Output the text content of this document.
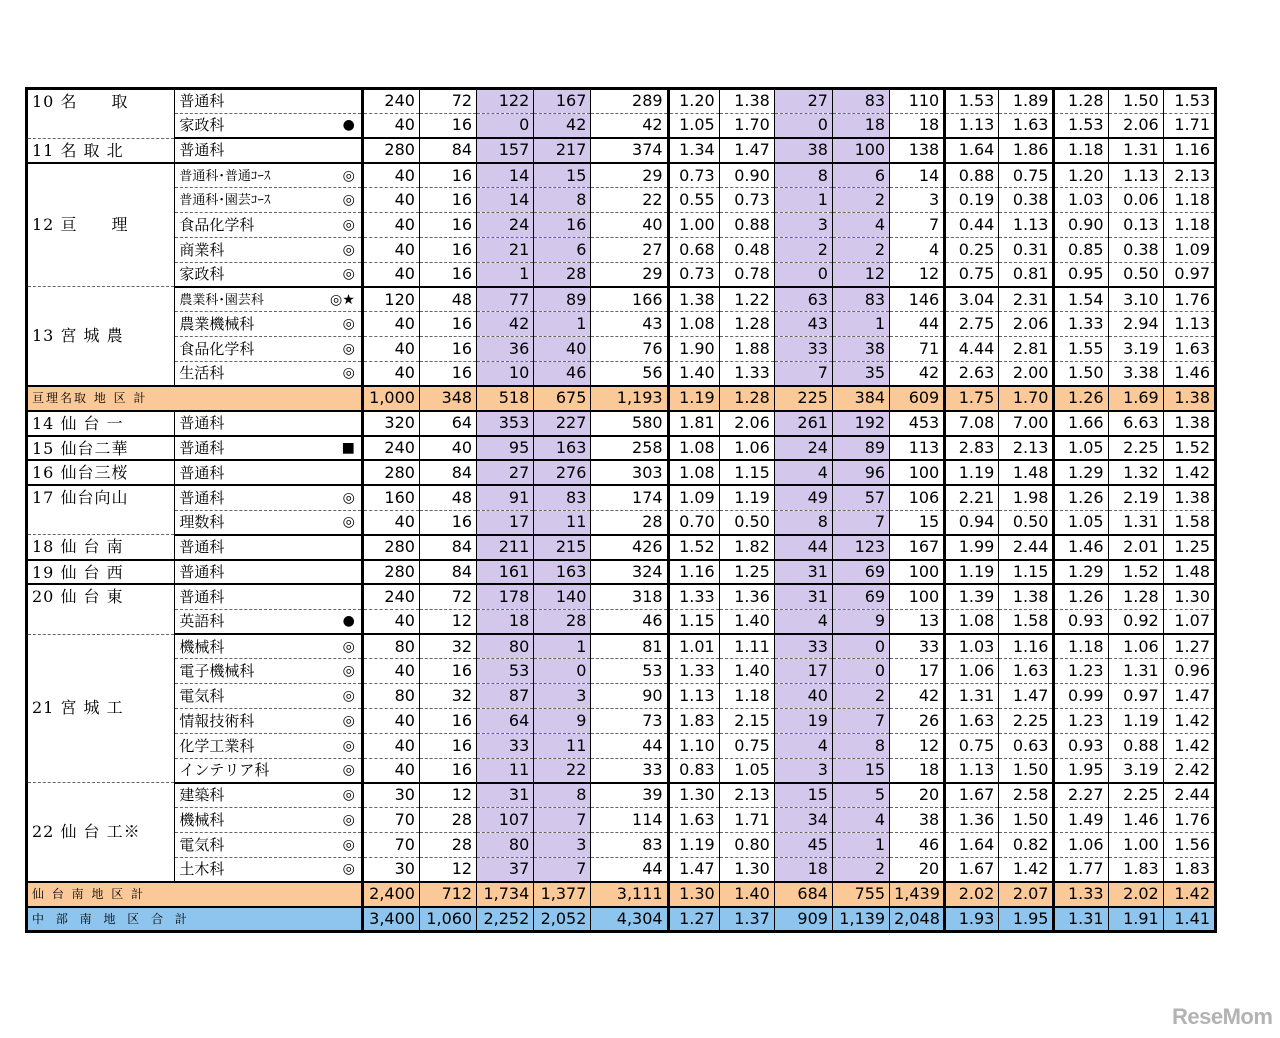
10 名　　取	普通科	240	72	122	167	289	1.20	1.38	27	83	110	1.53	1.89	1.28	1.50	1.53
	家政科 ●	40	16	0	42	42	1.05	1.70	0	18	18	1.13	1.63	1.53	2.06	1.71
11 名 取 北	普通科	280	84	157	217	374	1.34	1.47	38	100	138	1.64	1.86	1.18	1.31	1.16
12 亘　　理	普通科･普通ｺｰｽ ◎	40	16	14	15	29	0.73	0.90	8	6	14	0.88	0.75	1.20	1.13	2.13
	普通科･園芸ｺｰｽ ◎	40	16	14	8	22	0.55	0.73	1	2	3	0.19	0.38	1.03	0.06	1.18
	食品化学科 ◎	40	16	24	16	40	1.00	0.88	3	4	7	0.44	1.13	0.90	0.13	1.18
	商業科 ◎	40	16	21	6	27	0.68	0.48	2	2	4	0.25	0.31	0.85	0.38	1.09
	家政科 ◎	40	16	1	28	29	0.73	0.78	0	12	12	0.75	0.81	0.95	0.50	0.97
13 宮 城 農	農業科･園芸科 ◎★	120	48	77	89	166	1.38	1.22	63	83	146	3.04	2.31	1.54	3.10	1.76
	農業機械科 ◎	40	16	42	1	43	1.08	1.28	43	1	44	2.75	2.06	1.33	2.94	1.13
	食品化学科 ◎	40	16	36	40	76	1.90	1.88	33	38	71	4.44	2.81	1.55	3.19	1.63
	生活科 ◎	40	16	10	46	56	1.40	1.33	7	35	42	2.63	2.00	1.50	3.38	1.46
亘理名取 地 区 計		1,000	348	518	675	1,193	1.19	1.28	225	384	609	1.75	1.70	1.26	1.69	1.38
14 仙 台 一	普通科	320	64	353	227	580	1.81	2.06	261	192	453	7.08	7.00	1.66	6.63	1.38
15 仙台二華	普通科 ■	240	40	95	163	258	1.08	1.06	24	89	113	2.83	2.13	1.05	2.25	1.52
16 仙台三桜	普通科	280	84	27	276	303	1.08	1.15	4	96	100	1.19	1.48	1.29	1.32	1.42
17 仙台向山	普通科 ◎	160	48	91	83	174	1.09	1.19	49	57	106	2.21	1.98	1.26	2.19	1.38
	理数科 ◎	40	16	17	11	28	0.70	0.50	8	7	15	0.94	0.50	1.05	1.31	1.58
18 仙 台 南	普通科	280	84	211	215	426	1.52	1.82	44	123	167	1.99	2.44	1.46	2.01	1.25
19 仙 台 西	普通科	280	84	161	163	324	1.16	1.25	31	69	100	1.19	1.15	1.29	1.52	1.48
20 仙 台 東	普通科	240	72	178	140	318	1.33	1.36	31	69	100	1.39	1.38	1.26	1.28	1.30
	英語科 ●	40	12	18	28	46	1.15	1.40	4	9	13	1.08	1.58	0.93	0.92	1.07
21 宮 城 工	機械科 ◎	80	32	80	1	81	1.01	1.11	33	0	33	1.03	1.16	1.18	1.06	1.27
	電子機械科 ◎	40	16	53	0	53	1.33	1.40	17	0	17	1.06	1.63	1.23	1.31	0.96
	電気科 ◎	80	32	87	3	90	1.13	1.18	40	2	42	1.31	1.47	0.99	0.97	1.47
	情報技術科 ◎	40	16	64	9	73	1.83	2.15	19	7	26	1.63	2.25	1.23	1.19	1.42
	化学工業科 ◎	40	16	33	11	44	1.10	0.75	4	8	12	0.75	0.63	0.93	0.88	1.42
	インテリア科 ◎	40	16	11	22	33	0.83	1.05	3	15	18	1.13	1.50	1.95	3.19	2.42
22 仙 台 工※	建築科 ◎	30	12	31	8	39	1.30	2.13	15	5	20	1.67	2.58	2.27	2.25	2.44
	機械科 ◎	70	28	107	7	114	1.63	1.71	34	4	38	1.36	1.50	1.49	1.46	1.76
	電気科 ◎	70	28	80	3	83	1.19	0.80	45	1	46	1.64	0.82	1.06	1.00	1.56
	土木科 ◎	30	12	37	7	44	1.47	1.30	18	2	20	1.67	1.42	1.77	1.83	1.83
仙 台 南 地 区 計		2,400	712	1,734	1,377	3,111	1.30	1.40	684	755	1,439	2.02	2.07	1.33	2.02	1.42
中 部 南 地 区 合 計		3,400	1,060	2,252	2,052	4,304	1.27	1.37	909	1,139	2,048	1.93	1.95	1.31	1.91	1.41
ReseMom
